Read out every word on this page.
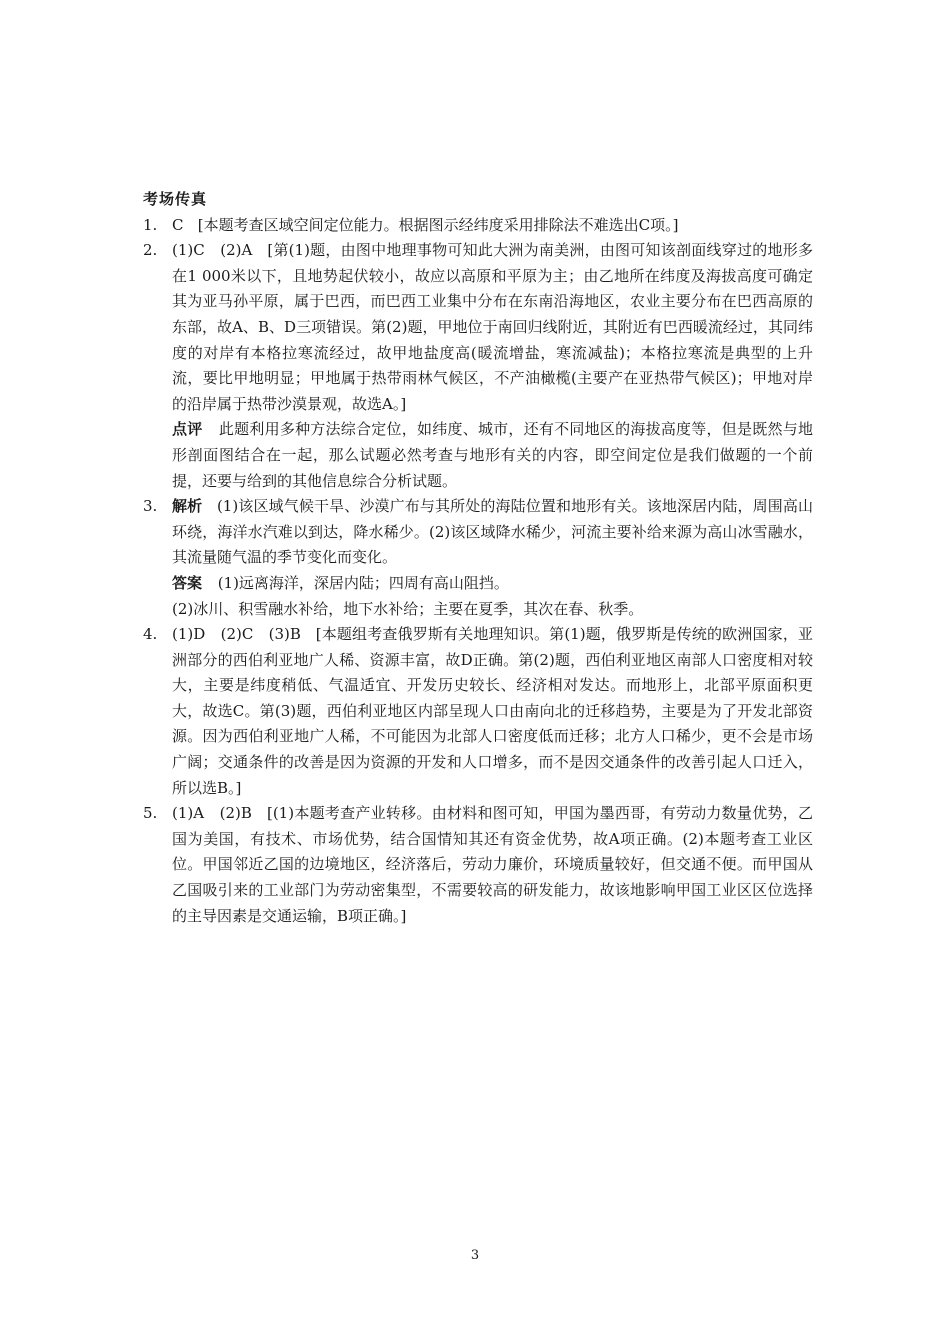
考场传真
1. C [本题考查区域空间定位能力。根据图示经纬度采用排除法不难选出C项。]
2. (1)C　(2)A [第(1)题，由图中地理事物可知此大洲为南美洲，由图可知该剖面线穿过的地形多在1 000米以下，且地势起伏较小，故应以高原和平原为主；由乙地所在纬度及海拔高度可确定其为亚马孙平原，属于巴西，而巴西工业集中分布在东南沿海地区，农业主要分布在巴西高原的东部，故A、B、D三项错误。第(2)题，甲地位于南回归线附近，其附近有巴西暖流经过，其同纬度的对岸有本格拉寒流经过，故甲地盐度高(暖流增盐，寒流减盐)；本格拉寒流是典型的上升流，要比甲地明显；甲地属于热带雨林气候区，不产油橄榄(主要产在亚热带气候区)；甲地对岸的沿岸属于热带沙漠景观，故选A。]
点评 此题利用多种方法综合定位，如纬度、城市，还有不同地区的海拔高度等，但是既然与地形剖面图结合在一起，那么试题必然考查与地形有关的内容，即空间定位是我们做题的一个前提，还要与给到的其他信息综合分析试题。
3. 解析 (1)该区域气候干旱、沙漠广布与其所处的海陆位置和地形有关。该地深居内陆，周围高山环绕，海洋水汽难以到达，降水稀少。(2)该区域降水稀少，河流主要补给来源为高山冰雪融水，其流量随气温的季节变化而变化。
答案 (1)远离海洋，深居内陆；四周有高山阻挡。
(2)冰川、积雪融水补给，地下水补给；主要在夏季，其次在春、秋季。
4. (1)D　(2)C　(3)B [本题组考查俄罗斯有关地理知识。第(1)题，俄罗斯是传统的欧洲国家，亚洲部分的西伯利亚地广人稀、资源丰富，故D正确。第(2)题，西伯利亚地区南部人口密度相对较大，主要是纬度稍低、气温适宜、开发历史较长、经济相对发达。而地形上，北部平原面积更大，故选C。第(3)题，西伯利亚地区内部呈现人口由南向北的迁移趋势，主要是为了开发北部资源。因为西伯利亚地广人稀，不可能因为北部人口密度低而迁移；北方人口稀少，更不会是市场广阔；交通条件的改善是因为资源的开发和人口增多，而不是因交通条件的改善引起人口迁入，所以选B。]
5. (1)A　(2)B [(1)本题考查产业转移。由材料和图可知，甲国为墨西哥，有劳动力数量优势，乙国为美国，有技术、市场优势，结合国情知其还有资金优势，故A项正确。(2)本题考查工业区位。甲国邻近乙国的边境地区，经济落后，劳动力廉价，环境质量较好，但交通不便。而甲国从乙国吸引来的工业部门为劳动密集型，不需要较高的研发能力，故该地影响甲国工业区区位选择的主导因素是交通运输，B项正确。]
3
